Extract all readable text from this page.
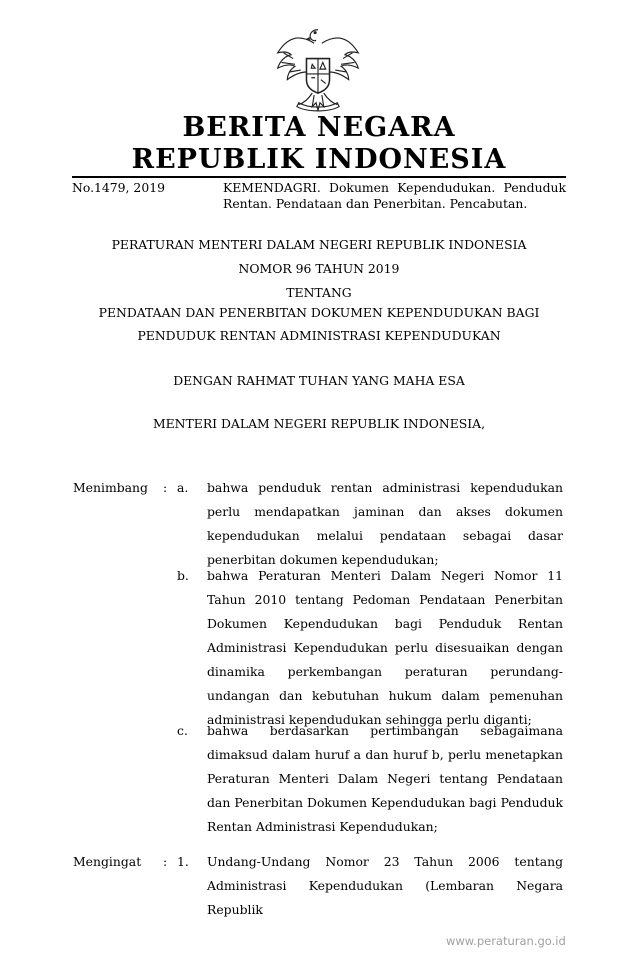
BERITA NEGARA
REPUBLIK INDONESIA
No.1479, 2019	KEMENDAGRI. Dokumen Kependudukan. Penduduk Rentan. Pendataan dan Penerbitan. Pencabutan.
PERATURAN MENTERI DALAM NEGERI REPUBLIK INDONESIA
NOMOR 96 TAHUN 2019
TENTANG
PENDATAAN DAN PENERBITAN DOKUMEN KEPENDUDUKAN BAGI
PENDUDUK RENTAN ADMINISTRASI KEPENDUDUKAN
DENGAN RAHMAT TUHAN YANG MAHA ESA
MENTERI DALAM NEGERI REPUBLIK INDONESIA,
Menimbang : a. bahwa penduduk rentan administrasi kependudukan perlu mendapatkan jaminan dan akses dokumen kependudukan melalui pendataan sebagai dasar penerbitan dokumen kependudukan;
b. bahwa Peraturan Menteri Dalam Negeri Nomor 11 Tahun 2010 tentang Pedoman Pendataan Penerbitan Dokumen Kependudukan bagi Penduduk Rentan Administrasi Kependudukan perlu disesuaikan dengan dinamika perkembangan peraturan perundang-undangan dan kebutuhan hukum dalam pemenuhan administrasi kependudukan sehingga perlu diganti;
c. bahwa berdasarkan pertimbangan sebagaimana dimaksud dalam huruf a dan huruf b, perlu menetapkan Peraturan Menteri Dalam Negeri tentang Pendataan dan Penerbitan Dokumen Kependudukan bagi Penduduk Rentan Administrasi Kependudukan;
Mengingat : 1. Undang-Undang Nomor 23 Tahun 2006 tentang Administrasi Kependudukan (Lembaran Negara Republik
www.peraturan.go.id
